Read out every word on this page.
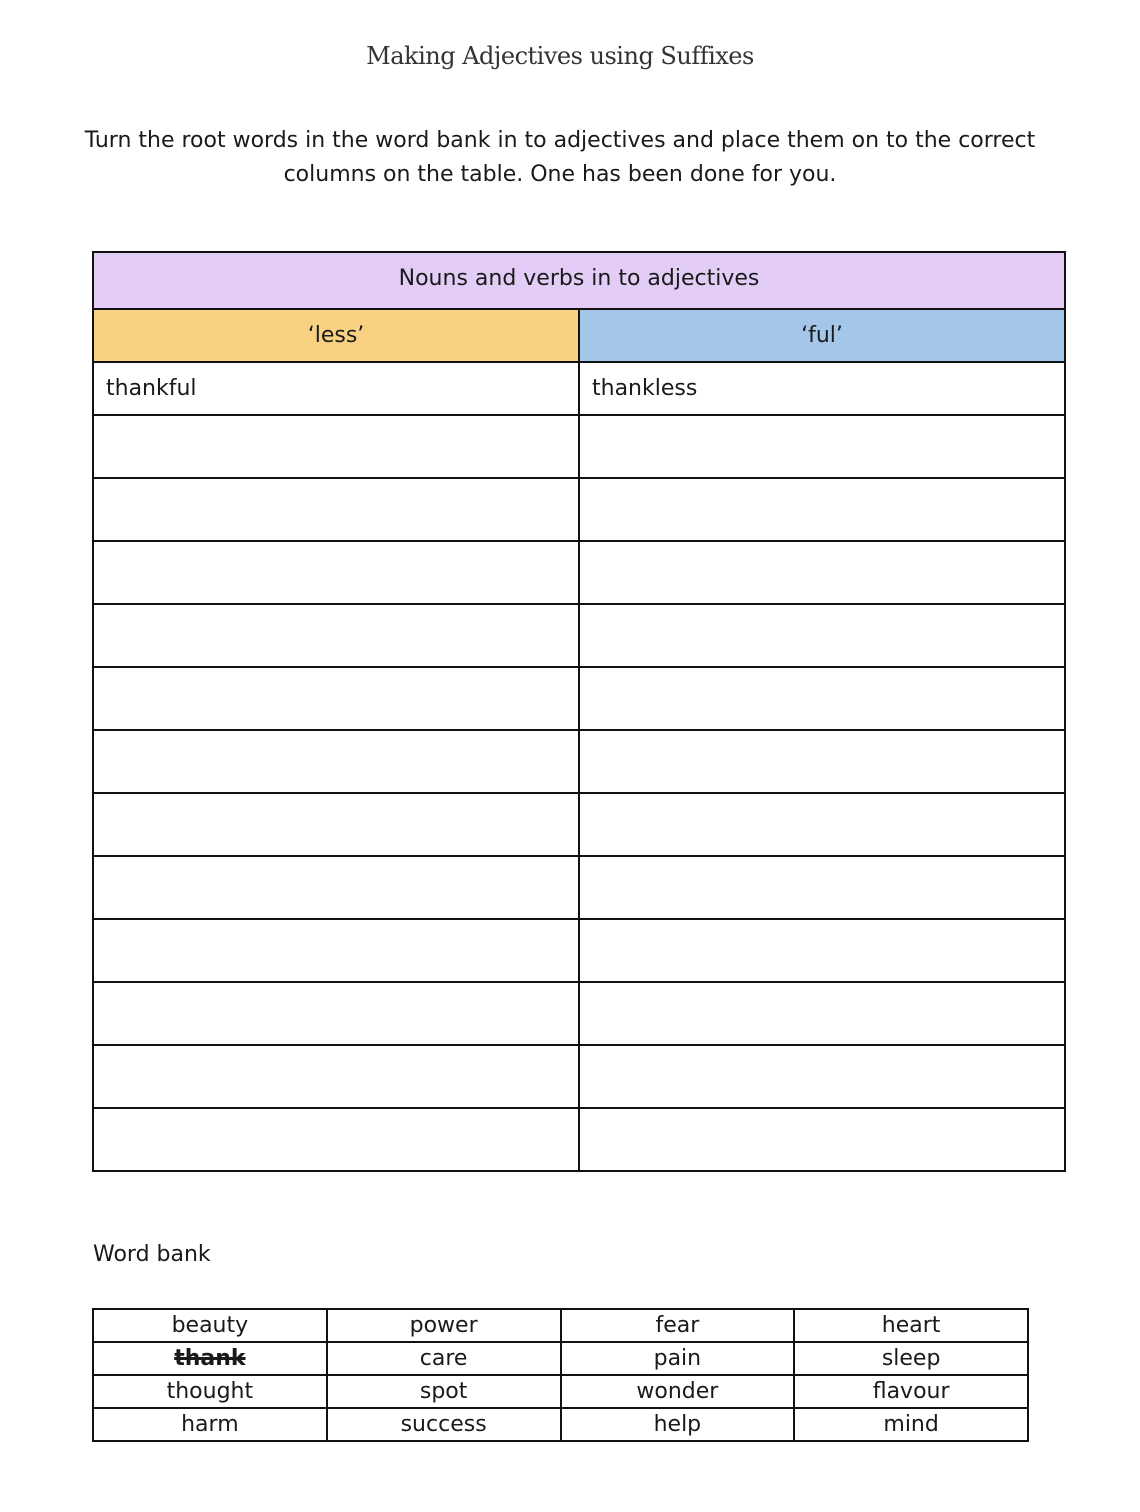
Making Adjectives using Suffixes
Turn the root words in the word bank in to adjectives and place them on to the correct columns on the table. One has been done for you.
Nouns and verbs in to adjectives	
‘less’	‘ful’
thankful	thankless

Word bank
beauty	power	fear	heart
thank	care	pain	sleep
thought	spot	wonder	flavour
harm	success	help	mind
